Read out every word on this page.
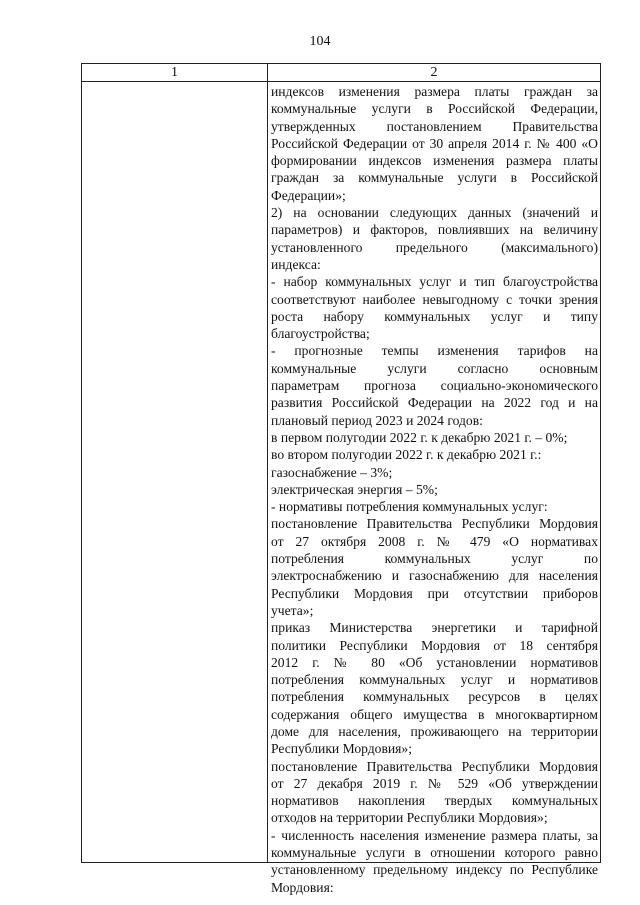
104
1	2
индексов изменения размера платы граждан за
коммунальные услуги в Российской Федерации,
утвержденных постановлением Правительства
Российской Федерации от 30 апреля 2014 г. № 400 «О
формировании индексов изменения размера платы
граждан за коммунальные услуги в Российской
Федерации»;
2) на основании следующих данных (значений и
параметров) и факторов, повлиявших на величину
установленного предельного (максимального)
индекса:
- набор коммунальных услуг и тип благоустройства
соответствуют наиболее невыгодному с точки зрения
роста набору коммунальных услуг и типу
благоустройства;
- прогнозные темпы изменения тарифов на
коммунальные услуги согласно основным
параметрам прогноза социально-экономического
развития Российской Федерации на 2022 год и на
плановый период 2023 и 2024 годов:
в первом полугодии 2022 г. к декабрю 2021 г. – 0%;
во втором полугодии 2022 г. к декабрю 2021 г.:
газоснабжение – 3%;
электрическая энергия – 5%;
- нормативы потребления коммунальных услуг:
постановление Правительства Республики Мордовия
от 27 октября 2008 г. № 479 «О нормативах
потребления коммунальных услуг по
электроснабжению и газоснабжению для населения
Республики Мордовия при отсутствии приборов
учета»;
приказ Министерства энергетики и тарифной
политики Республики Мордовия от 18 сентября
2012 г. № 80 «Об установлении нормативов
потребления коммунальных услуг и нормативов
потребления коммунальных ресурсов в целях
содержания общего имущества в многоквартирном
доме для населения, проживающего на территории
Республики Мордовия»;
постановление Правительства Республики Мордовия
от 27 декабря 2019 г. № 529 «Об утверждении
нормативов накопления твердых коммунальных
отходов на территории Республики Мордовия»;
- численность населения изменение размера платы, за
коммунальные услуги в отношении которого равно
установленному предельному индексу по Республике
Мордовия:
